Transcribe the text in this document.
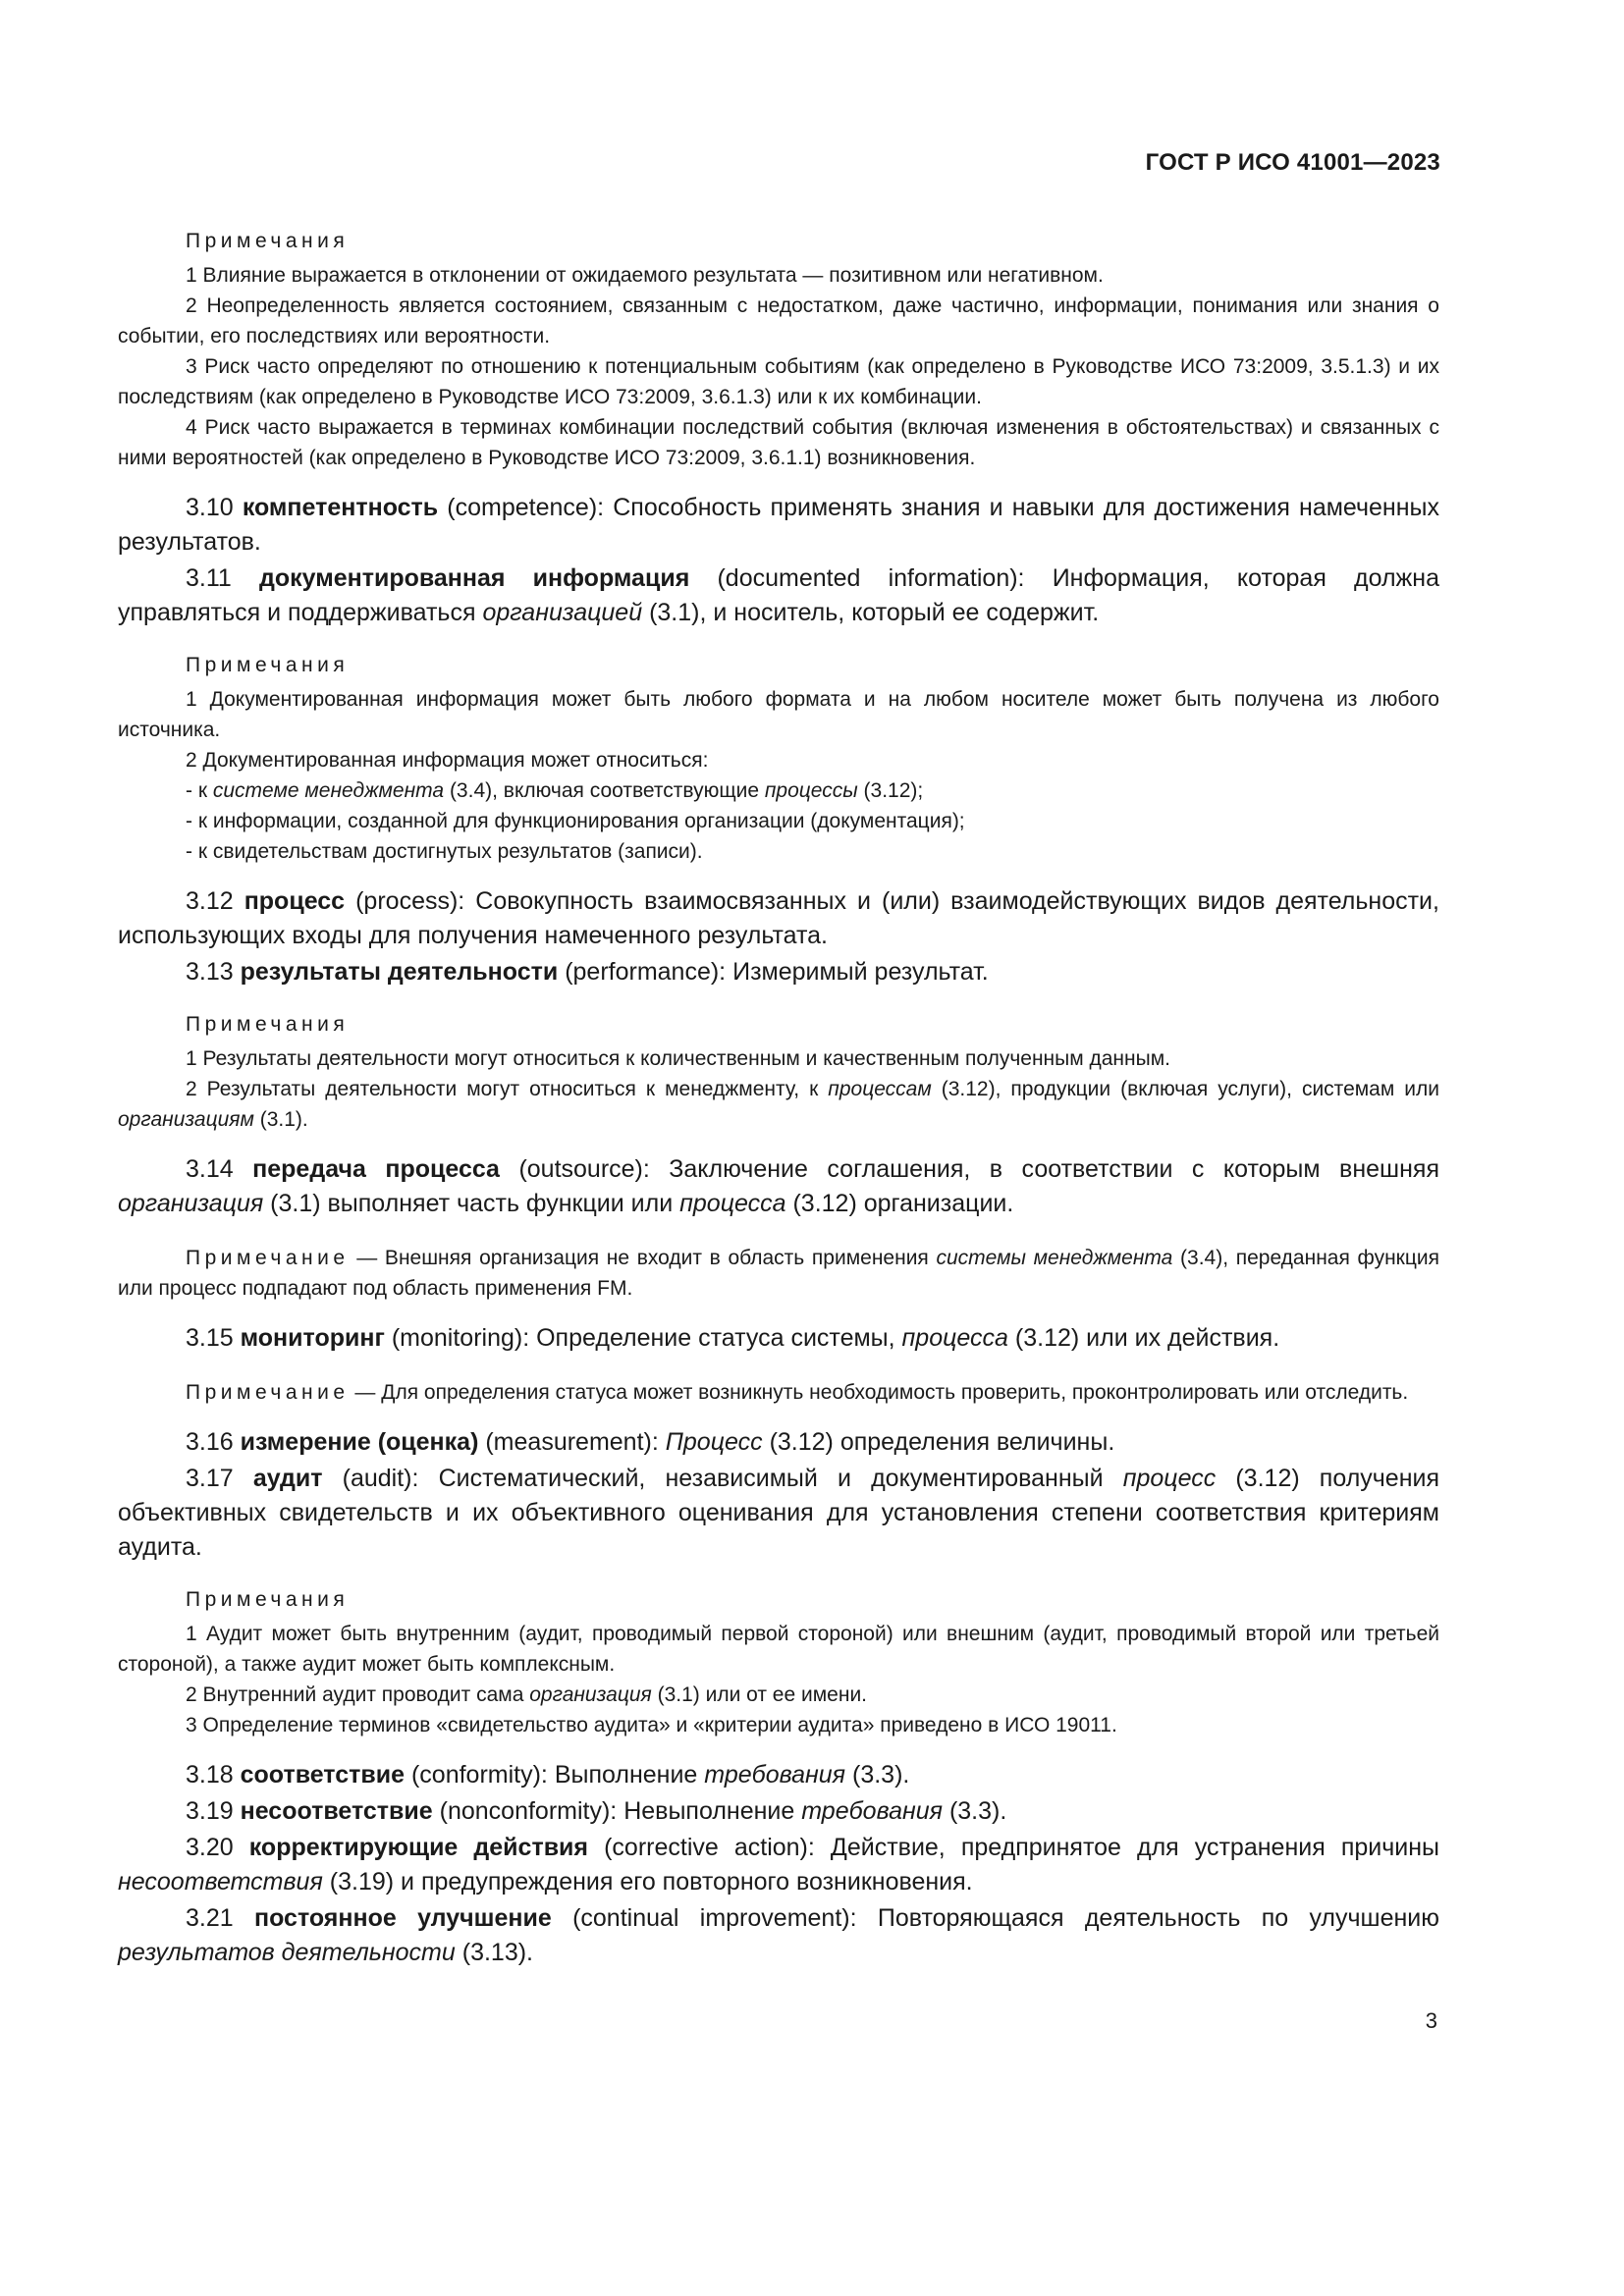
ГОСТ Р ИСО 41001—2023
Примечания

1 Влияние выражается в отклонении от ожидаемого результата — позитивном или негативном.

2 Неопределенность является состоянием, связанным с недостатком, даже частично, информации, понимания или знания о событии, его последствиях или вероятности.

3 Риск часто определяют по отношению к потенциальным событиям (как определено в Руководстве ИСО 73:2009, 3.5.1.3) и их последствиям (как определено в Руководстве ИСО 73:2009, 3.6.1.3) или к их комбинации.

4 Риск часто выражается в терминах комбинации последствий события (включая изменения в обстоятельствах) и связанных с ними вероятностей (как определено в Руководстве ИСО 73:2009, 3.6.1.1) возникновения.

3.10 компетентность (competence): Способность применять знания и навыки для достижения намеченных результатов.

3.11 документированная информация (documented information): Информация, которая должна управляться и поддерживаться организацией (3.1), и носитель, который ее содержит.

Примечания

1 Документированная информация может быть любого формата и на любом носителе может быть получена из любого источника.

2 Документированная информация может относиться:

- к системе менеджмента (3.4), включая соответствующие процессы (3.12);

- к информации, созданной для функционирования организации (документация);

- к свидетельствам достигнутых результатов (записи).

3.12 процесс (process): Совокупность взаимосвязанных и (или) взаимодействующих видов деятельности, использующих входы для получения намеченного результата.

3.13 результаты деятельности (performance): Измеримый результат.

Примечания

1 Результаты деятельности могут относиться к количественным и качественным полученным данным.

2 Результаты деятельности могут относиться к менеджменту, к процессам (3.12), продукции (включая услуги), системам или организациям (3.1).

3.14 передача процесса (outsource): Заключение соглашения, в соответствии с которым внешняя организация (3.1) выполняет часть функции или процесса (3.12) организации.

Примечание — Внешняя организация не входит в область применения системы менеджмента (3.4), переданная функция или процесс подпадают под область применения FM.

3.15 мониторинг (monitoring): Определение статуса системы, процесса (3.12) или их действия.

Примечание — Для определения статуса может возникнуть необходимость проверить, проконтролировать или отследить.

3.16 измерение (оценка) (measurement): Процесс (3.12) определения величины.

3.17 аудит (audit): Систематический, независимый и документированный процесс (3.12) получения объективных свидетельств и их объективного оценивания для установления степени соответствия критериям аудита.

Примечания

1 Аудит может быть внутренним (аудит, проводимый первой стороной) или внешним (аудит, проводимый второй или третьей стороной), а также аудит может быть комплексным.

2 Внутренний аудит проводит сама организация (3.1) или от ее имени.

3 Определение терминов «свидетельство аудита» и «критерии аудита» приведено в ИСО 19011.

3.18 соответствие (conformity): Выполнение требования (3.3).

3.19 несоответствие (nonconformity): Невыполнение требования (3.3).

3.20 корректирующие действия (corrective action): Действие, предпринятое для устранения причины несоответствия (3.19) и предупреждения его повторного возникновения.

3.21 постоянное улучшение (continual improvement): Повторяющаяся деятельность по улучшению результатов деятельности (3.13).

3
